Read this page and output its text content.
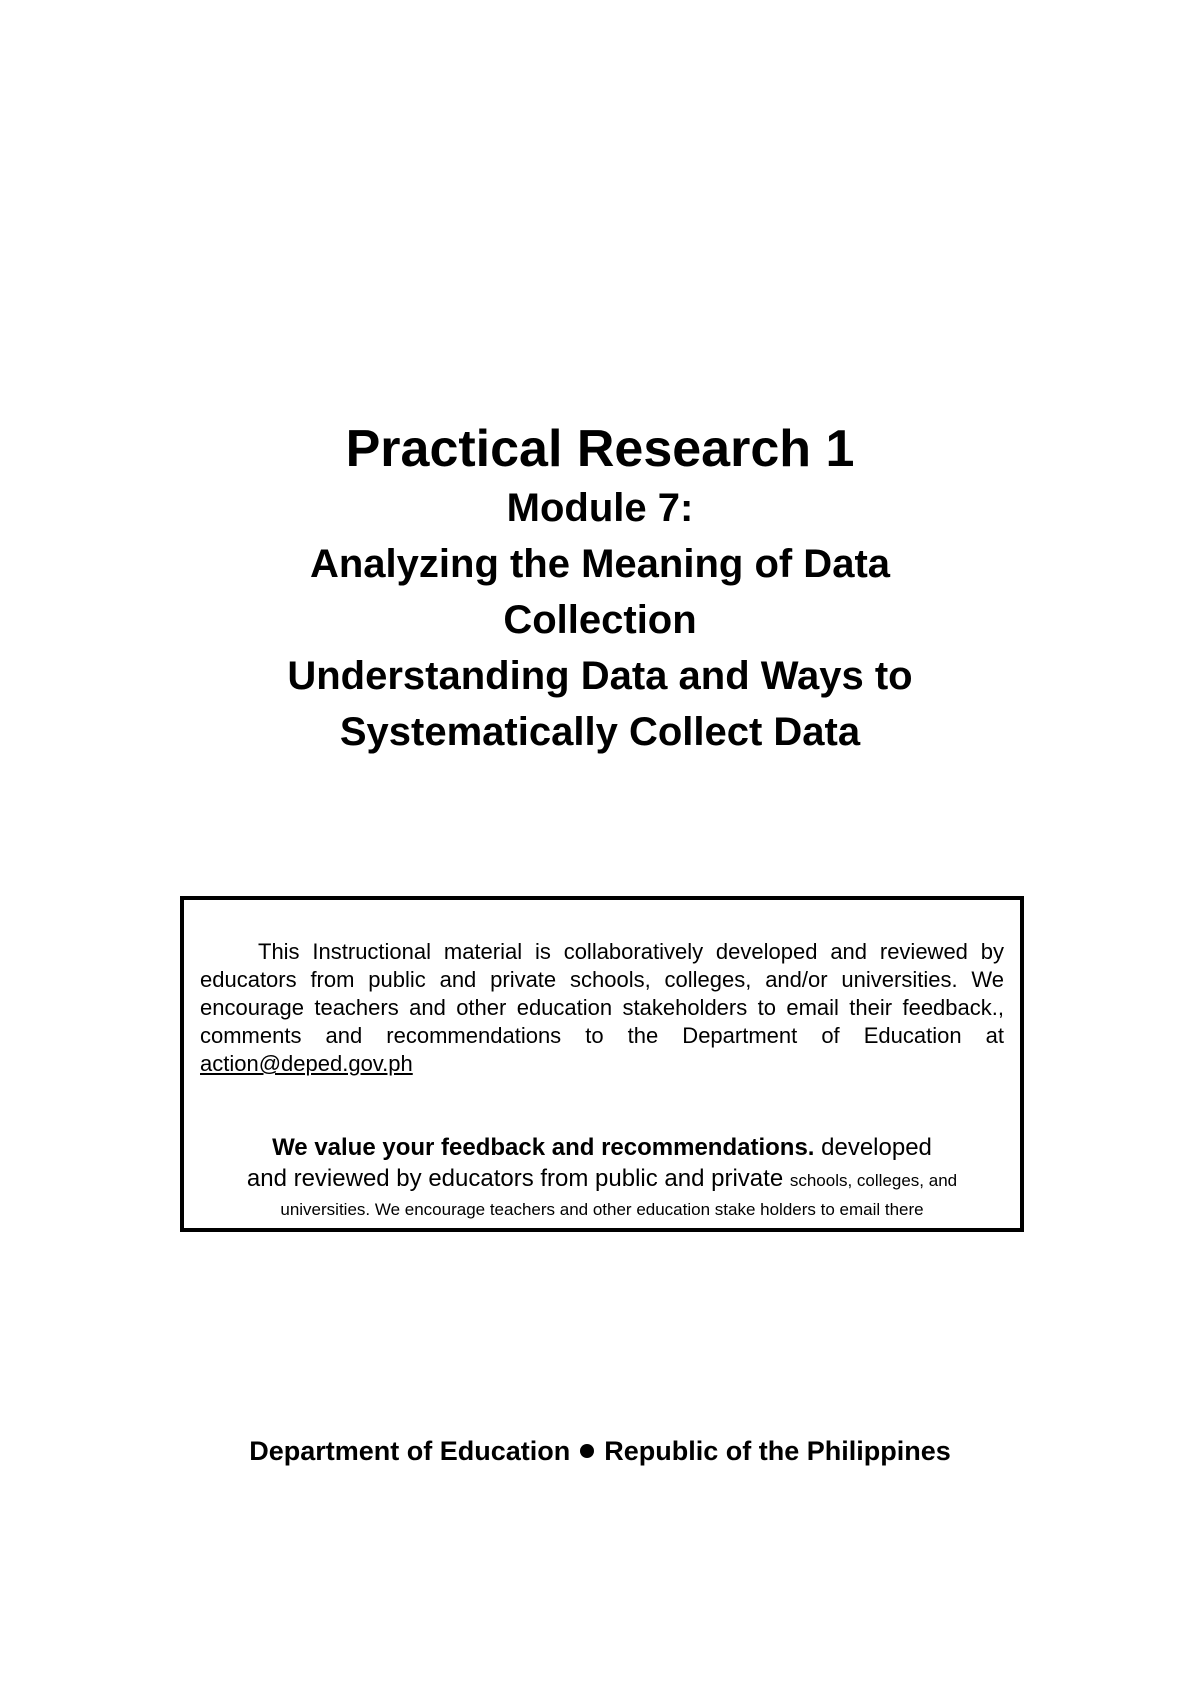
Practical Research 1

Module 7:

Analyzing the Meaning of Data

Collection

Understanding Data and Ways to

Systematically Collect Data

This Instructional material is collaboratively developed and reviewed by educators from public and private schools, colleges, and/or universities. We encourage teachers and other education stakeholders to email their feedback., comments and recommendations to the Department of Education at action@deped.gov.ph

We value your feedback and recommendations. developed
and reviewed by educators from public and private schools, colleges, and
universities. We encourage teachers and other education stake holders to email there

Department of Education Republic of the Philippines
